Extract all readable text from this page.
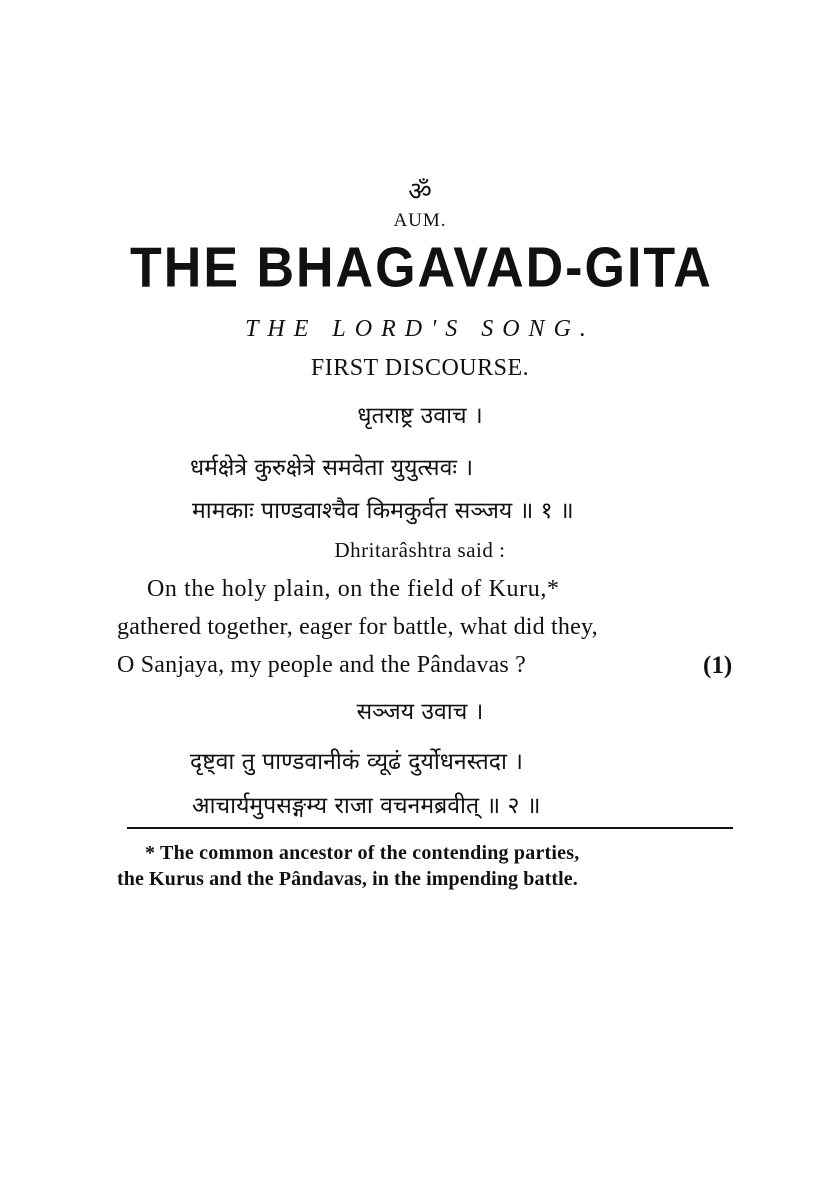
ॐ
AUM.
THE BHAGAVAD-GITA
THE LORD'S SONG.
FIRST DISCOURSE.
धृतराष्ट्र उवाच ।
धर्मक्षेत्रे कुरुक्षेत्रे समवेता युयुत्सवः ।
मामकाः पाण्डवाश्चैव किमकुर्वत सञ्जय ॥ १ ॥
Dhritarâshtra said :
On the holy plain, on the field of Kuru,*
gathered together, eager for battle, what did they,
O Sanjaya, my people and the Pândavas ?	(1)
सञ्जय उवाच ।
दृष्ट्वा तु पाण्डवानीकं व्यूढं दुर्योधनस्तदा ।
आचार्यमुपसङ्गम्य राजा वचनमब्रवीत् ॥ २ ॥
* The common ancestor of the contending parties,
the Kurus and the Pândavas, in the impending battle.
